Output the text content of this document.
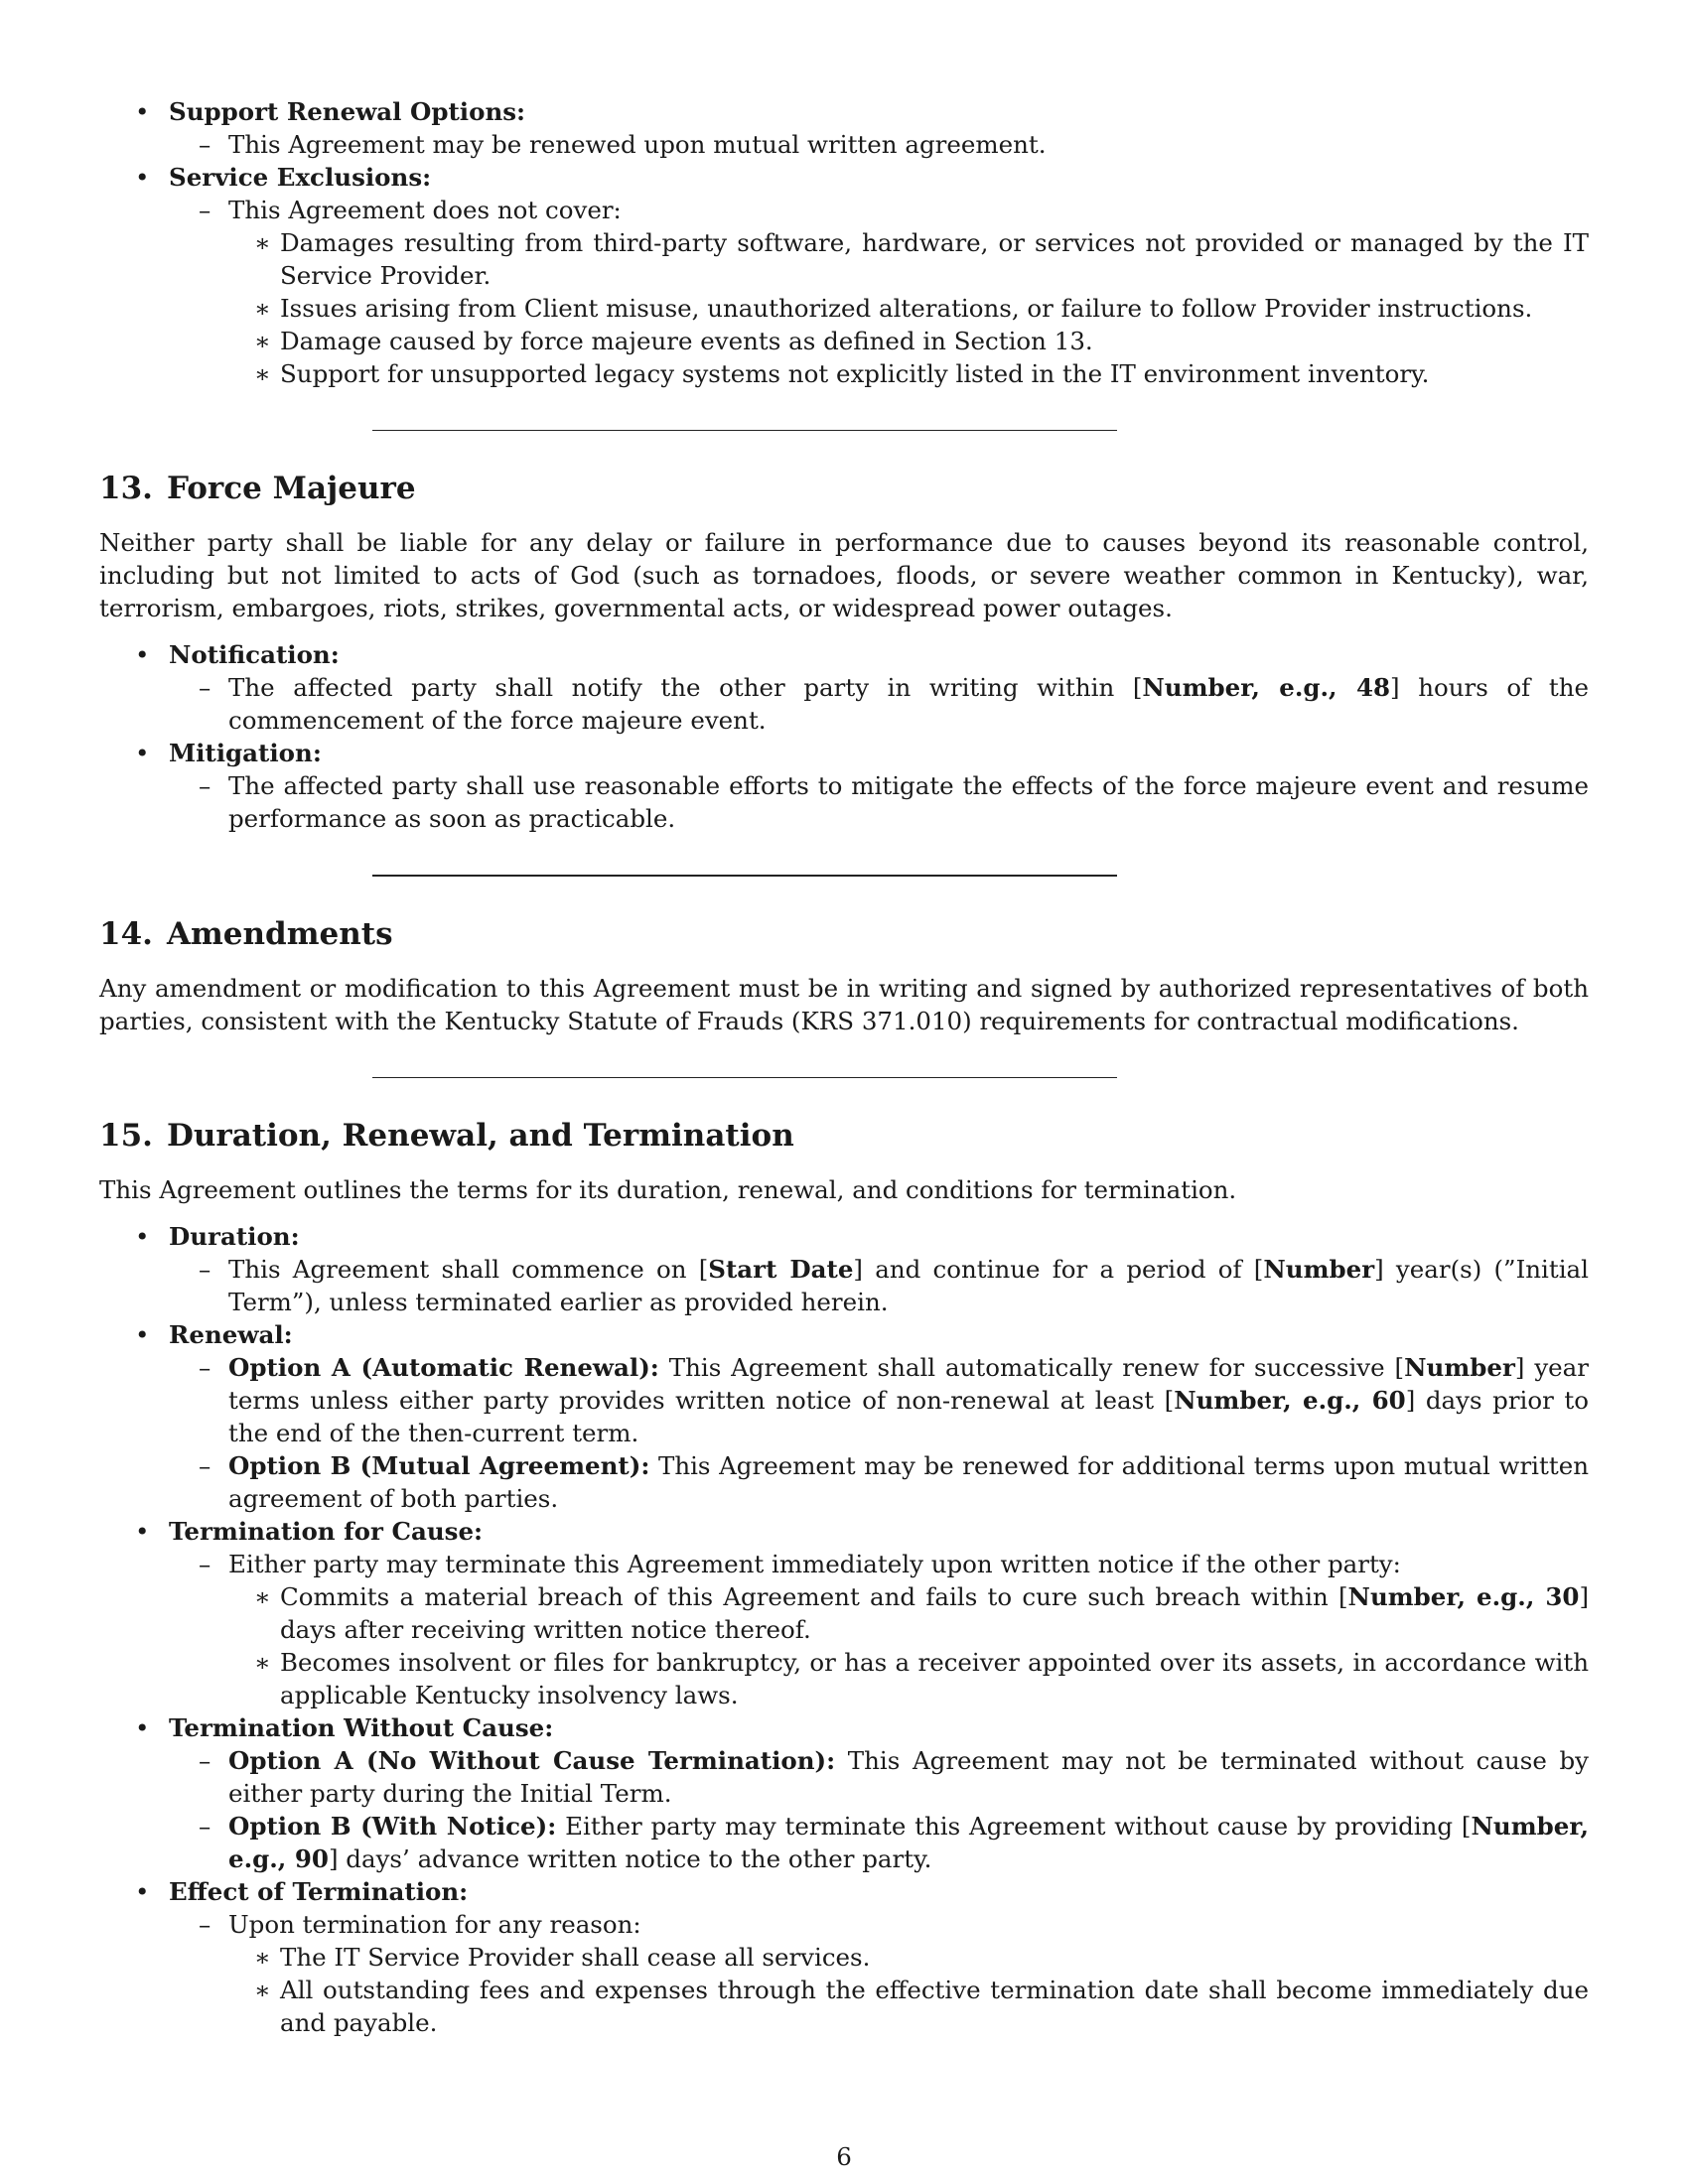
• Support Renewal Options:
– This Agreement may be renewed upon mutual written agreement.
• Service Exclusions:
– This Agreement does not cover:
∗ Damages resulting from third-party software, hardware, or services not provided or managed by the IT Service Provider.
∗ Issues arising from Client misuse, unauthorized alterations, or failure to follow Provider instructions.
∗ Damage caused by force majeure events as defined in Section 13.
∗ Support for unsupported legacy systems not explicitly listed in the IT environment inventory.
13. Force Majeure

Neither party shall be liable for any delay or failure in performance due to causes beyond its reasonable control, including but not limited to acts of God (such as tornadoes, floods, or severe weather common in Kentucky), war, terrorism, embargoes, riots, strikes, governmental acts, or widespread power outages.

• Notification:
– The affected party shall notify the other party in writing within [Number, e.g., 48] hours of the commencement of the force majeure event.
• Mitigation:
– The affected party shall use reasonable efforts to mitigate the effects of the force majeure event and resume performance as soon as practicable.
14. Amendments

Any amendment or modification to this Agreement must be in writing and signed by authorized representatives of both parties, consistent with the Kentucky Statute of Frauds (KRS 371.010) requirements for contractual modifications.

15. Duration, Renewal, and Termination

This Agreement outlines the terms for its duration, renewal, and conditions for termination.

• Duration:
– This Agreement shall commence on [Start Date] and continue for a period of [Number] year(s) (”Initial Term”), unless terminated earlier as provided herein.
• Renewal:
– Option A (Automatic Renewal): This Agreement shall automatically renew for successive [Number] year terms unless either party provides written notice of non-renewal at least [Number, e.g., 60] days prior to the end of the then-current term.
– Option B (Mutual Agreement): This Agreement may be renewed for additional terms upon mutual written agreement of both parties.
• Termination for Cause:
– Either party may terminate this Agreement immediately upon written notice if the other party:
∗ Commits a material breach of this Agreement and fails to cure such breach within [Number, e.g., 30] days after receiving written notice thereof.
∗ Becomes insolvent or files for bankruptcy, or has a receiver appointed over its assets, in accordance with applicable Kentucky insolvency laws.
• Termination Without Cause:
– Option A (No Without Cause Termination): This Agreement may not be terminated without cause by either party during the Initial Term.
– Option B (With Notice): Either party may terminate this Agreement without cause by providing [Number, e.g., 90] days’ advance written notice to the other party.
• Effect of Termination:
– Upon termination for any reason:
∗ The IT Service Provider shall cease all services.
∗ All outstanding fees and expenses through the effective termination date shall become immediately due and payable.
6
